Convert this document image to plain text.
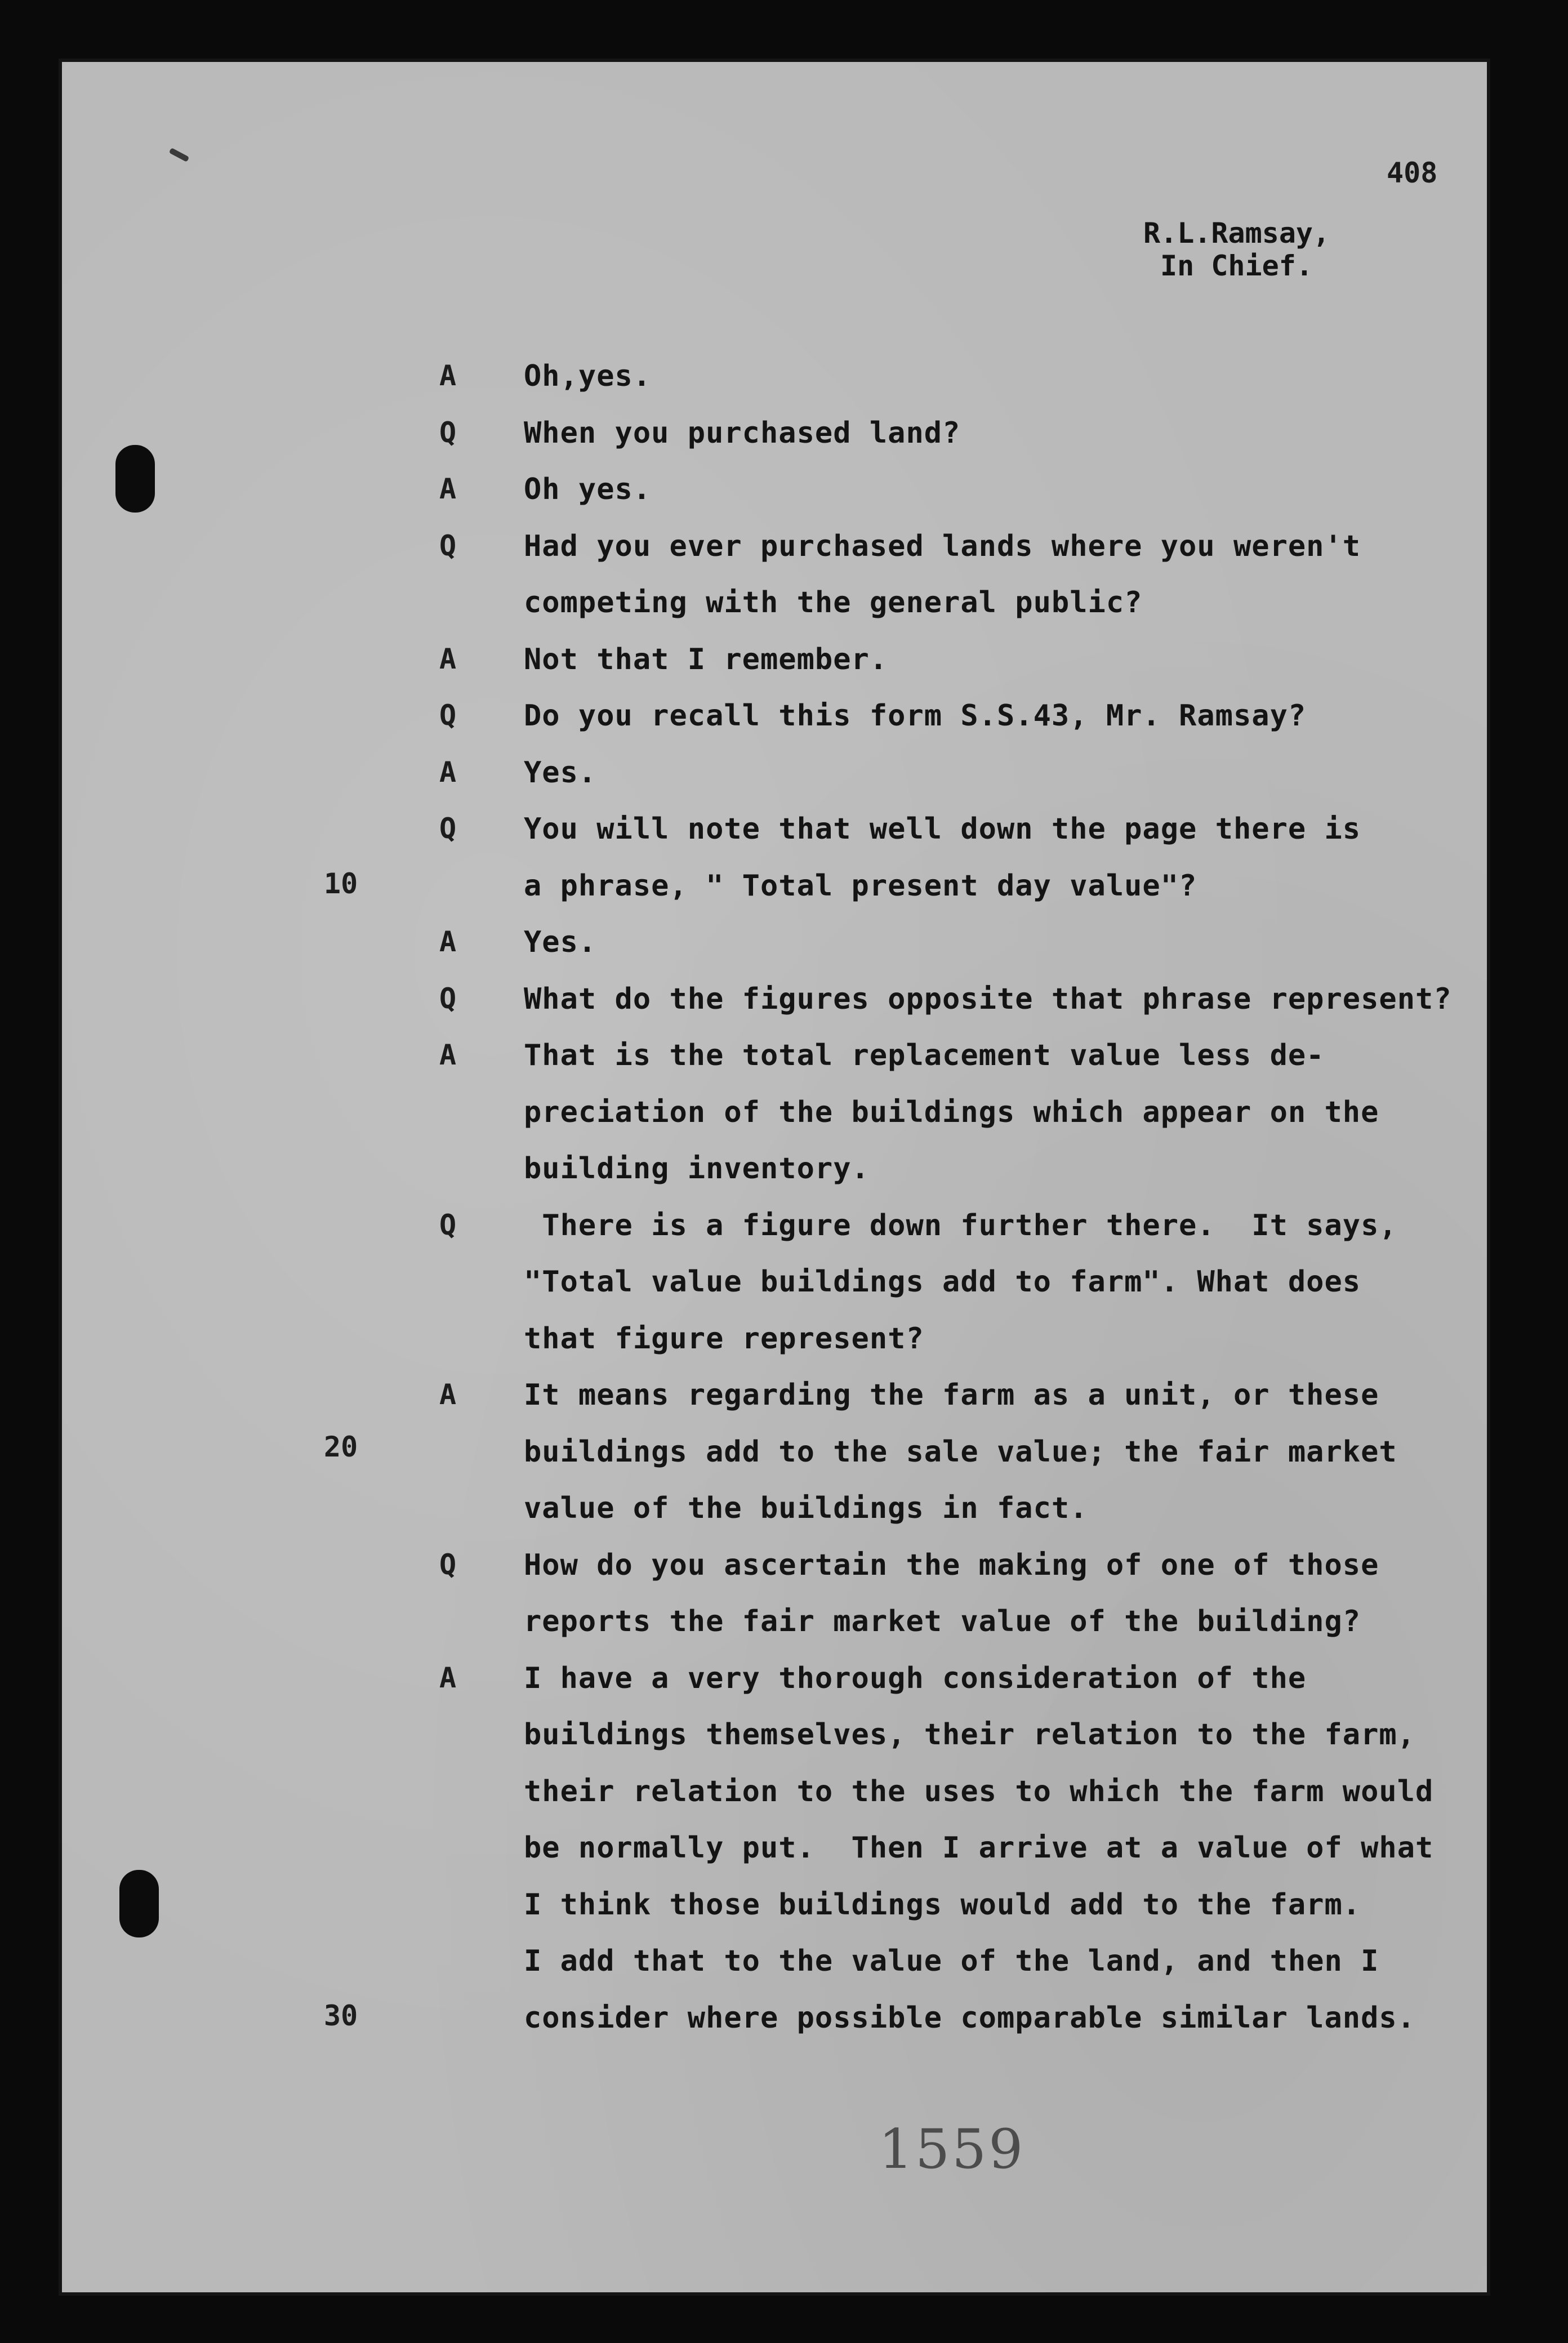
408
R.L.Ramsay,
In Chief.
A Oh,yes.
Q When you purchased land?
A Oh yes.
Q Had you ever purchased lands where you weren't
competing with the general public?
A Not that I remember.
Q Do you recall this form S.S.43, Mr. Ramsay?
A Yes.
Q You will note that well down the page there is
a phrase, " Total present day value"?
A Yes.
Q What do the figures opposite that phrase represent?
A That is the total replacement value less de-
preciation of the buildings which appear on the
building inventory.
Q There is a figure down further there.  It says,
"Total value buildings add to farm". What does
that figure represent?
A It means regarding the farm as a unit, or these
buildings add to the sale value; the fair market
value of the buildings in fact.
Q How do you ascertain the making of one of those
reports the fair market value of the building?
A I have a very thorough consideration of the
buildings themselves, their relation to the farm,
their relation to the uses to which the farm would
be normally put.  Then I arrive at a value of what
I think those buildings would add to the farm.
I add that to the value of the land, and then I
consider where possible comparable similar lands.
10
20
30
1559
